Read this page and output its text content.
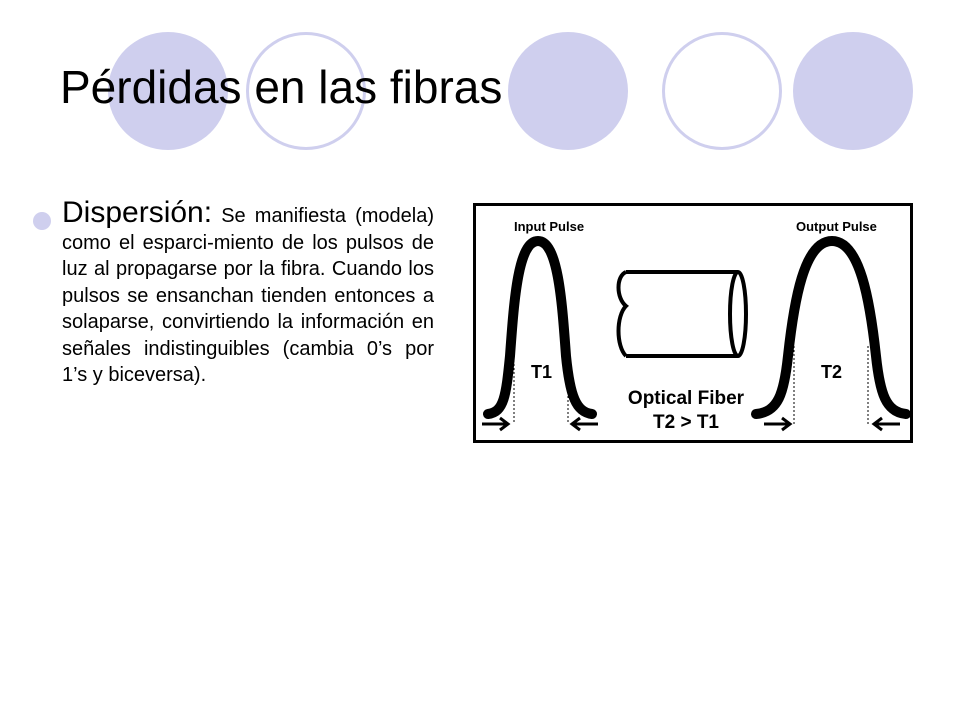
Pérdidas en las fibras
Dispersión: Se manifiesta (modela) como el esparci-miento de los pulsos de luz al propagarse por la fibra. Cuando los pulsos se ensanchan tienden entonces a solaparse, convirtiendo la información en señales indistinguibles (cambia 0’s por 1’s y biceversa).
Input Pulse	Output Pulse
T1	T2
Optical Fiber
T2 > T1
